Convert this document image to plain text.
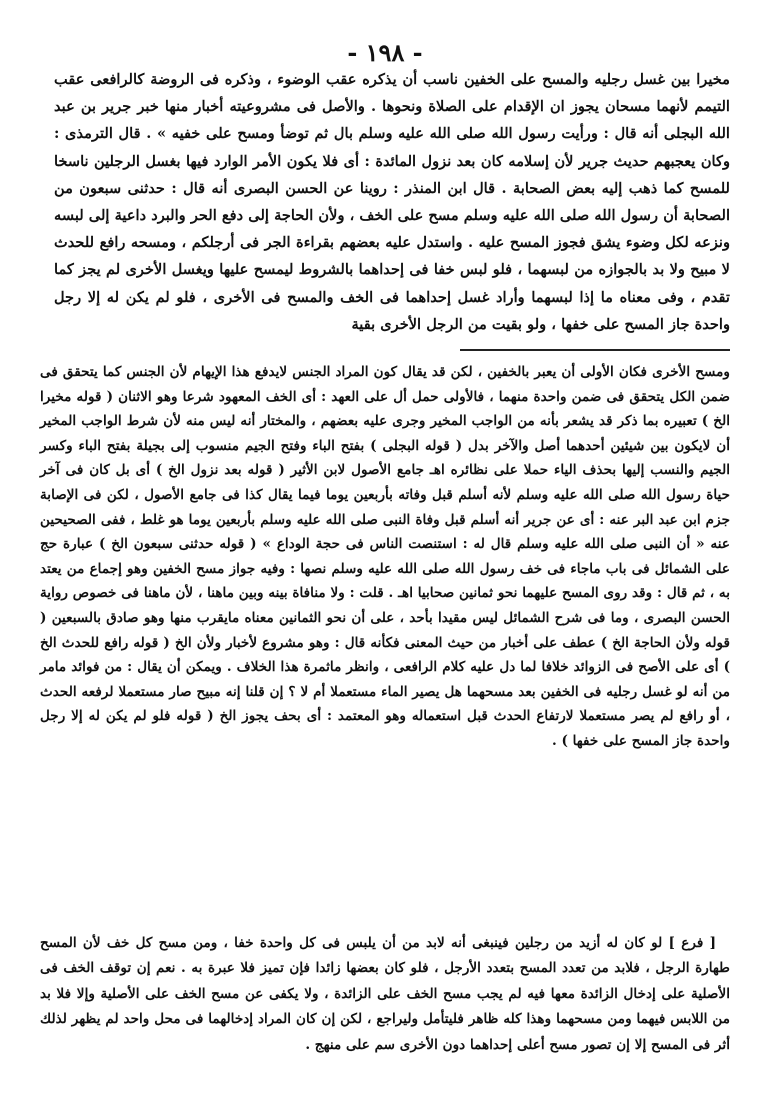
- ١٩٨ -

مخيرا بين غسل رجليه والمسح على الخفين ناسب أن يذكره عقب الوضوء ، وذكره فى الروضة كالرافعى عقب التيمم لأنهما مسحان يجوز ان الإقدام على الصلاة ونحوها . والأصل فى مشروعيته أخبار منها خبر جرير بن عبد الله البجلى أنه قال : ورأيت رسول الله صلى الله عليه وسلم بال ثم توضأ ومسح على خفيه » . قال الترمذى : وكان يعجبهم حديث جرير لأن إسلامه كان بعد نزول المائدة : أى فلا يكون الأمر الوارد فيها بغسل الرجلين ناسخا للمسح كما ذهب إليه بعض الصحابة . قال ابن المنذر : روينا عن الحسن البصرى أنه قال : حدثنى سبعون من الصحابة أن رسول الله صلى الله عليه وسلم مسح على الخف ، ولأن الحاجة إلى دفع الحر والبرد داعية إلى لبسه ونزعه لكل وضوء يشق فجوز المسح عليه . واستدل عليه بعضهم بقراءة الجر فى أرجلكم ، ومسحه رافع للحدث لا مبيح ولا بد بالجوازه من لبسهما ، فلو لبس خفا فى إحداهما بالشروط ليمسح عليها ويغسل الأخرى لم يجز كما تقدم ، وفى معناه ما إذا لبسهما وأراد غسل إحداهما فى الخف والمسح فى الأخرى ، فلو لم يكن له إلا رجل واحدة جاز المسح على خفها ، ولو بقيت من الرجل الأخرى بقية

ومسح الأخرى فكان الأولى أن يعبر بالخفين ، لكن قد يقال كون المراد الجنس لايدفع هذا الإيهام لأن الجنس كما يتحقق فى ضمن الكل يتحقق فى ضمن واحدة منهما ، فالأولى حمل أل على العهد : أى الخف المعهود شرعا وهو الاثنان ( قوله مخيرا الخ ) تعبيره بما ذكر قد يشعر بأنه من الواجب المخير وجرى عليه بعضهم ، والمختار أنه ليس منه لأن شرط الواجب المخير أن لايكون بين شيئين أحدهما أصل والآخر بدل ( قوله البجلى ) بفتح الباء وفتح الجيم منسوب إلى بجيلة بفتح الباء وكسر الجيم والنسب إليها بحذف الياء حملا على نظائره اهـ جامع الأصول لابن الأثير ( قوله بعد نزول الخ ) أى بل كان فى آخر حياة رسول الله صلى الله عليه وسلم لأنه أسلم قبل وفاته بأربعين يوما فيما يقال كذا فى جامع الأصول ، لكن فى الإصابة جزم ابن عبد البر عنه : أى عن جرير أنه أسلم قبل وفاة النبى صلى الله عليه وسلم بأربعين يوما هو غلط ، ففى الصحيحين عنه « أن النبى صلى الله عليه وسلم قال له : استنصت الناس فى حجة الوداع » ( قوله حدثنى سبعون الخ ) عبارة حج على الشمائل فى باب ماجاء فى خف رسول الله صلى الله عليه وسلم نصها : وفيه جواز مسح الخفين وهو إجماع من يعتد به ، ثم قال : وقد روى المسح عليهما نحو ثمانين صحابيا اهـ . قلت : ولا منافاة بينه وبين ماهنا ، لأن ماهنا فى خصوص رواية الحسن البصرى ، وما فى شرح الشمائل ليس مقيدا بأحد ، على أن نحو الثمانين معناه مايقرب منها وهو صادق بالسبعين ( قوله ولأن الحاجة الخ ) عطف على أخبار من حيث المعنى فكأنه قال : وهو مشروع لأخبار ولأن الخ ( قوله رافع للحدث الخ ) أى على الأصح فى الزوائد خلافا لما دل عليه كلام الرافعى ، وانظر ماثمرة هذا الخلاف . ويمكن أن يقال : من فوائد مامر من أنه لو غسل رجليه فى الخفين بعد مسحهما هل يصير الماء مستعملا أم لا ؟ إن قلنا إنه مبيح صار مستعملا لرفعه الحدث ، أو رافع لم يصر مستعملا لارتفاع الحدث قبل استعماله وهو المعتمد : أى بحف يجوز الخ ( قوله فلو لم يكن له إلا رجل واحدة جاز المسح على خفها ) .

[ فرع ] لو كان له أزيد من رجلين فينبغى أنه لابد من أن يلبس فى كل واحدة خفا ، ومن مسح كل خف لأن المسح طهارة الرجل ، فلابد من تعدد المسح بتعدد الأرجل ، فلو كان بعضها زائدا فإن تميز فلا عبرة به . نعم إن توقف الخف فى الأصلية على إدخال الزائدة معها فيه لم يجب مسح الخف على الزائدة ، ولا يكفى عن مسح الخف على الأصلية وإلا فلا بد من اللابس فيهما ومن مسحهما وهذا كله ظاهر فليتأمل وليراجع ، لكن إن كان المراد إدخالهما فى محل واحد لم يظهر لذلك أثر فى المسح إلا إن تصور مسح أعلى إحداهما دون الأخرى سم على منهج .
